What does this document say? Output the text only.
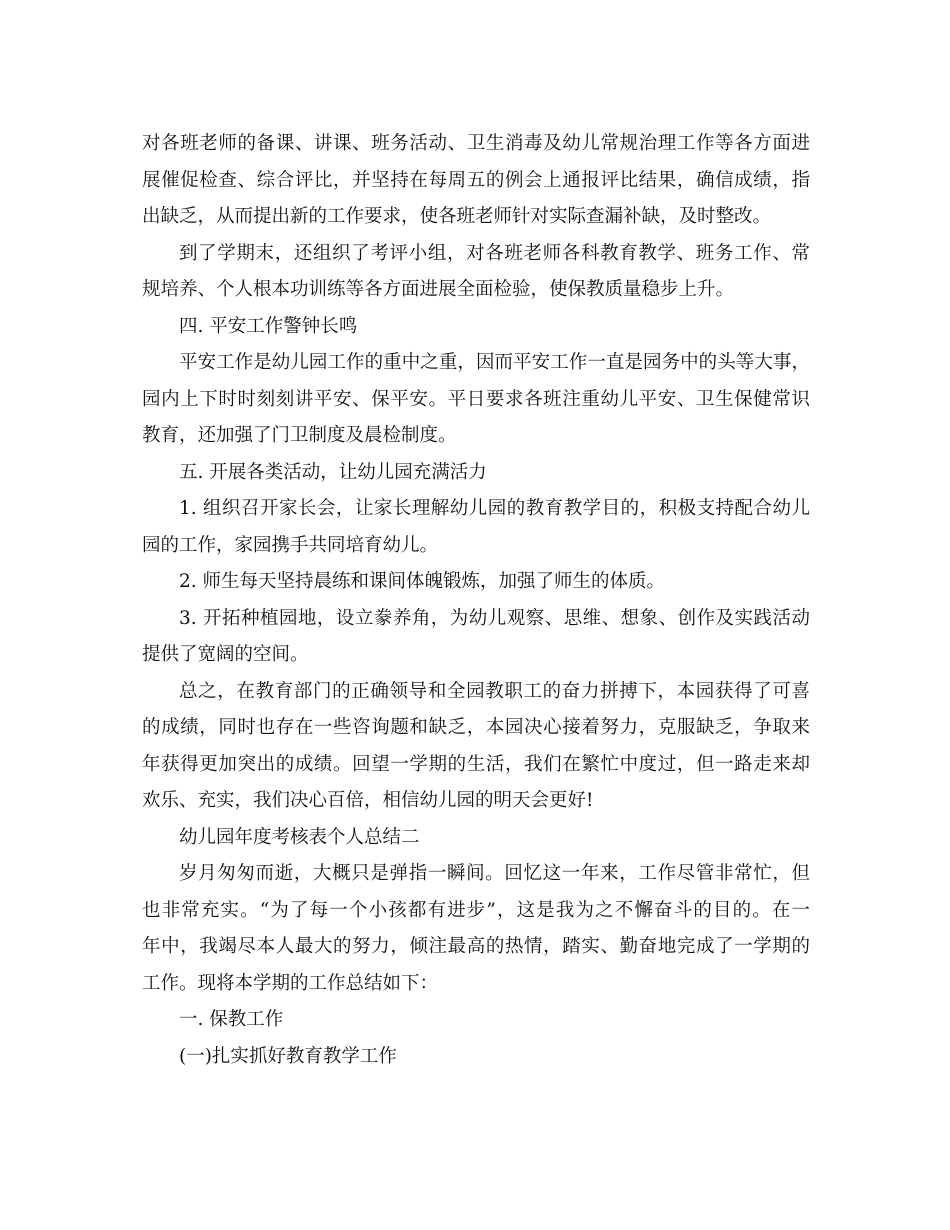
对各班老师的备课、讲课、班务活动、卫生消毒及幼儿常规治理工作等各方面进
展催促检查、综合评比，并坚持在每周五的例会上通报评比结果，确信成绩，指
出缺乏，从而提出新的工作要求，使各班老师针对实际查漏补缺，及时整改。
到了学期末，还组织了考评小组，对各班老师各科教育教学、班务工作、常
规培养、个人根本功训练等各方面进展全面检验，使保教质量稳步上升。
四. 平安工作警钟长鸣
平安工作是幼儿园工作的重中之重，因而平安工作一直是园务中的头等大事，
园内上下时时刻刻讲平安、保平安。平日要求各班注重幼儿平安、卫生保健常识
教育，还加强了门卫制度及晨检制度。
五. 开展各类活动，让幼儿园充满活力
1. 组织召开家长会，让家长理解幼儿园的教育教学目的，积极支持配合幼儿
园的工作，家园携手共同培育幼儿。
2. 师生每天坚持晨练和课间体魄锻炼，加强了师生的体质。
3. 开拓种植园地，设立豢养角，为幼儿观察、思维、想象、创作及实践活动
提供了宽阔的空间。
总之，在教育部门的正确领导和全园教职工的奋力拼搏下，本园获得了可喜
的成绩，同时也存在一些咨询题和缺乏，本园决心接着努力，克服缺乏，争取来
年获得更加突出的成绩。回望一学期的生活，我们在繁忙中度过，但一路走来却
欢乐、充实，我们决心百倍，相信幼儿园的明天会更好!
幼儿园年度考核表个人总结二
岁月匆匆而逝，大概只是弹指一瞬间。回忆这一年来，工作尽管非常忙，但
也非常充实。“为了每一个小孩都有进步”，这是我为之不懈奋斗的目的。在一
年中，我竭尽本人最大的努力，倾注最高的热情，踏实、勤奋地完成了一学期的
工作。现将本学期的工作总结如下：
一. 保教工作
(一)扎实抓好教育教学工作
